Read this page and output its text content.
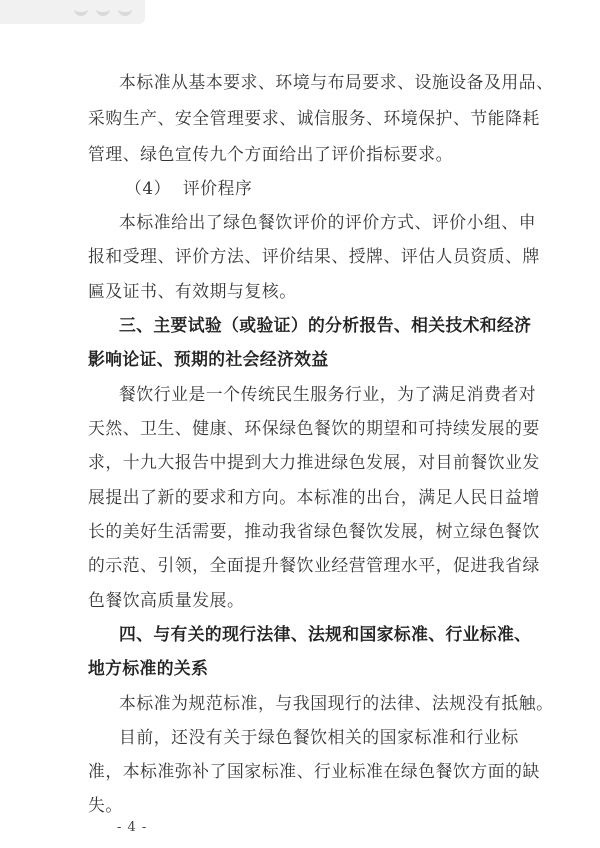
本标准从基本要求、环境与布局要求、设施设备及用品、
采购生产、安全管理要求、诚信服务、环境保护、节能降耗
管理、绿色宣传九个方面给出了评价指标要求。
（4）  评价程序
本标准给出了绿色餐饮评价的评价方式、评价小组、申
报和受理、评价方法、评价结果、授牌、评估人员资质、牌
匾及证书、有效期与复核。
三、主要试验（或验证）的分析报告、相关技术和经济
影响论证、预期的社会经济效益
餐饮行业是一个传统民生服务行业，为了满足消费者对
天然、卫生、健康、环保绿色餐饮的期望和可持续发展的要
求，十九大报告中提到大力推进绿色发展，对目前餐饮业发
展提出了新的要求和方向。本标准的出台，满足人民日益增
长的美好生活需要，推动我省绿色餐饮发展，树立绿色餐饮
的示范、引领，全面提升餐饮业经营管理水平，促进我省绿
色餐饮高质量发展。
四、与有关的现行法律、法规和国家标准、行业标准、
地方标准的关系
本标准为规范标准，与我国现行的法律、法规没有抵触。
目前，还没有关于绿色餐饮相关的国家标准和行业标
准，本标准弥补了国家标准、行业标准在绿色餐饮方面的缺
失。
- 4 -
